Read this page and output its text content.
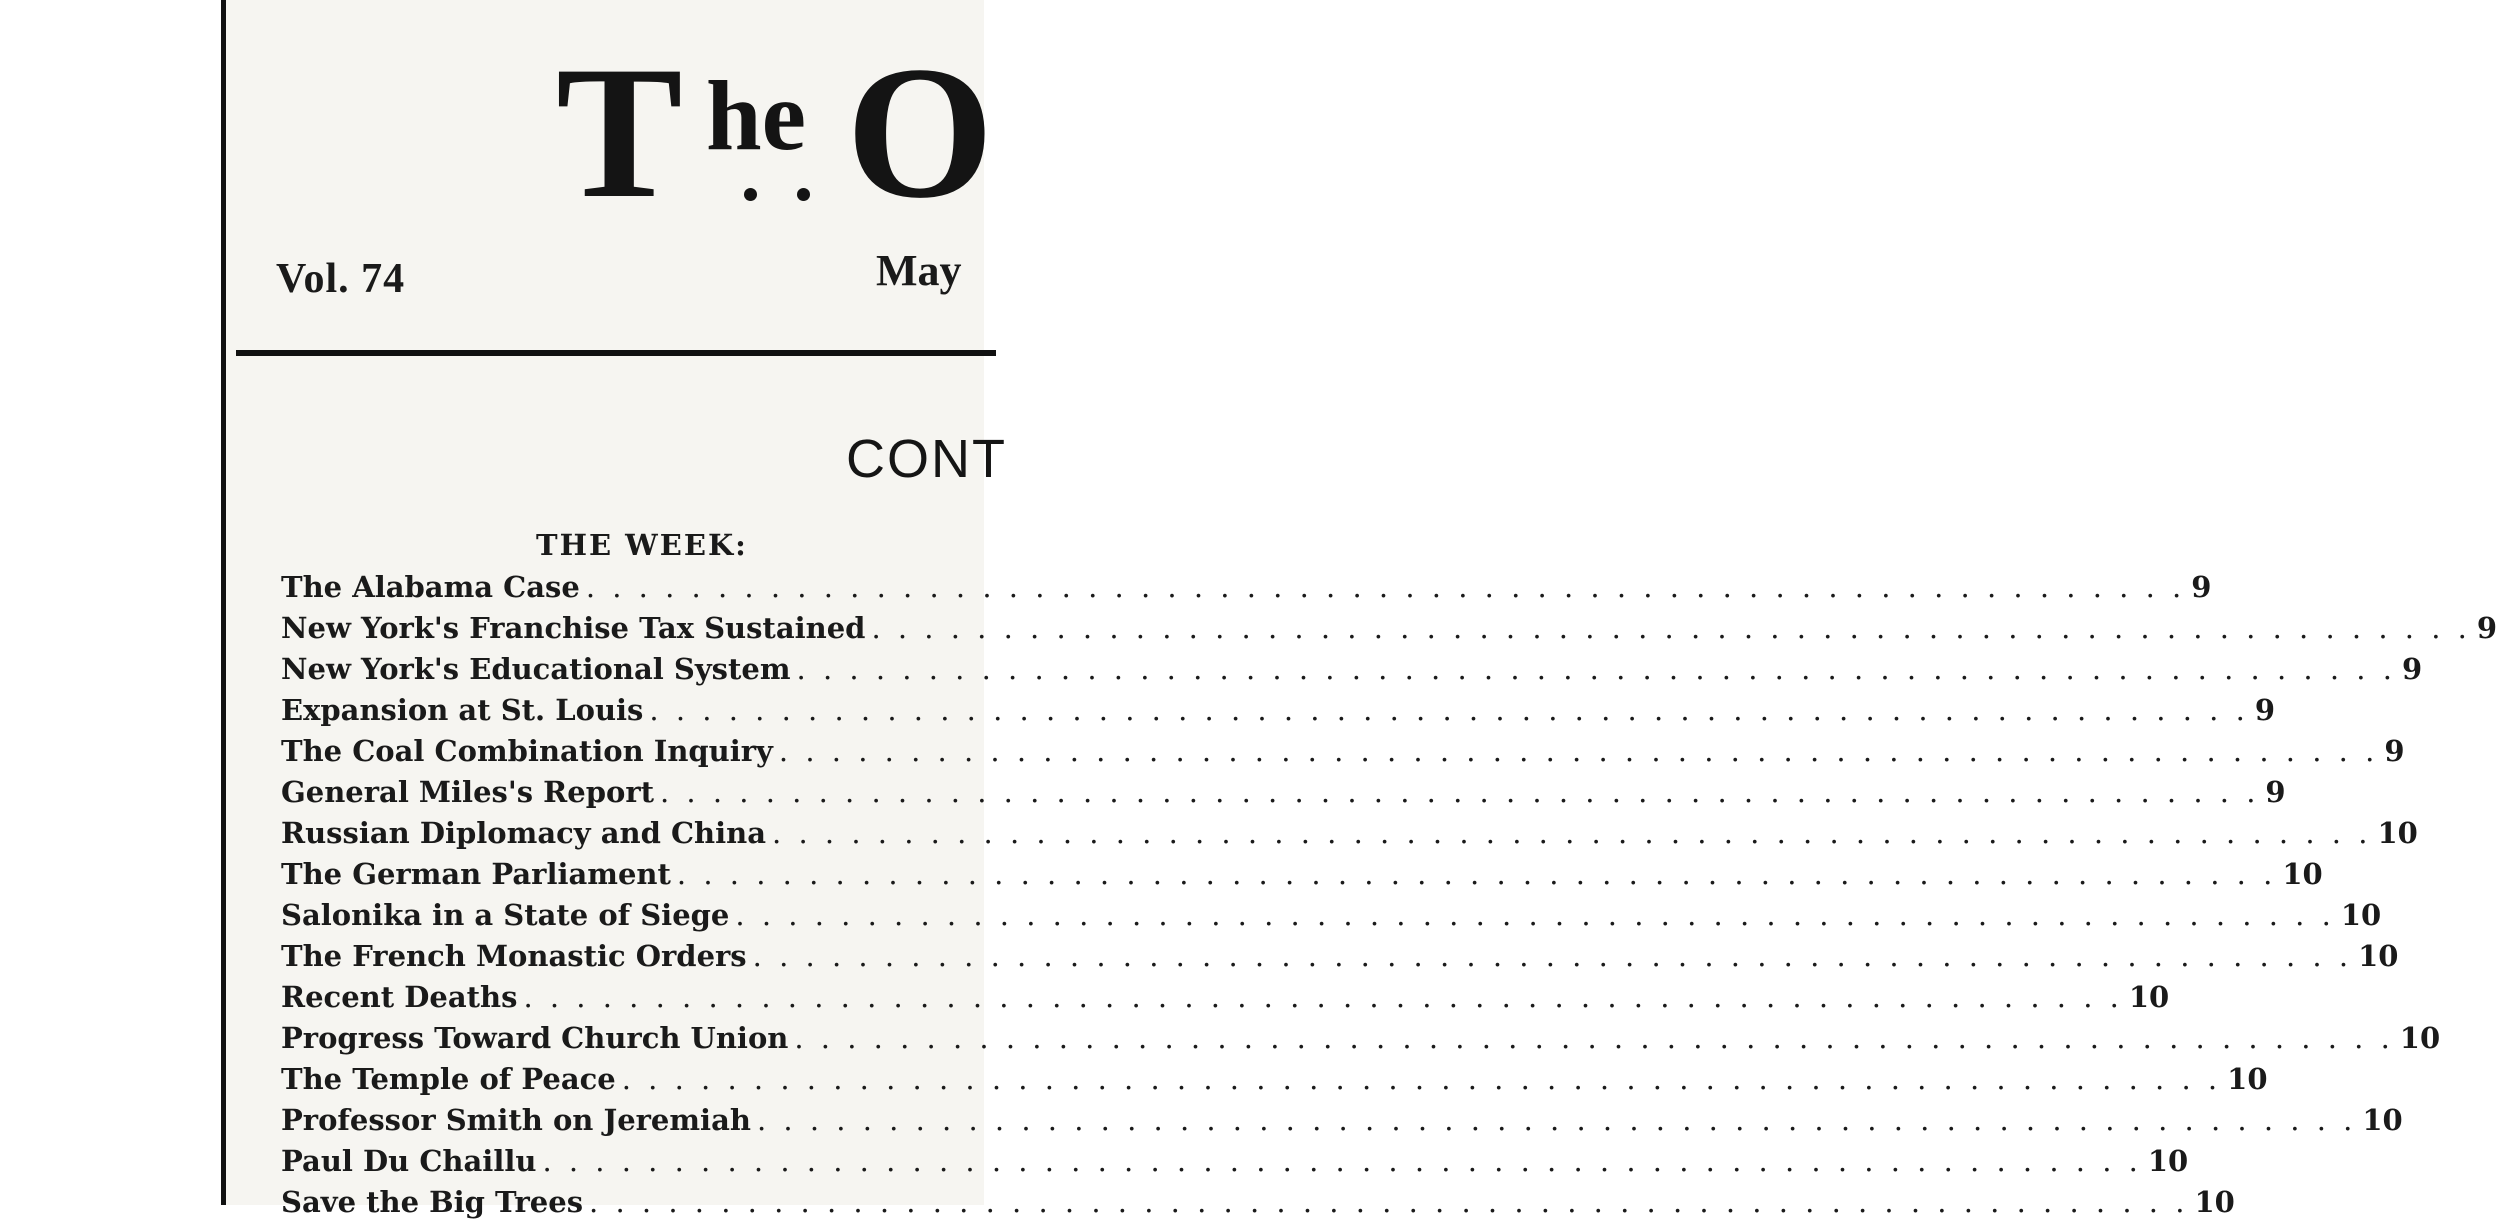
T he O
Vol. 74	May
CONT
THE WEEK:
The Alabama Case . . .	9
New York's Franchise Tax Sustained . . .	9
New York's Educational System . . .	9
Expansion at St. Louis . . .	9
The Coal Combination Inquiry . . .	9
General Miles's Report . . .	9
Russian Diplomacy and China . . .	10
The German Parliament . . .	10
Salonika in a State of Siege . . .	10
The French Monastic Orders . . .	10
Recent Deaths . . .	10
Progress Toward Church Union . . .	10
The Temple of Peace . . .	10
Professor Smith on Jeremiah . . .	10
Paul Du Chaillu . . .	10
Save the Big Trees . . .	10
